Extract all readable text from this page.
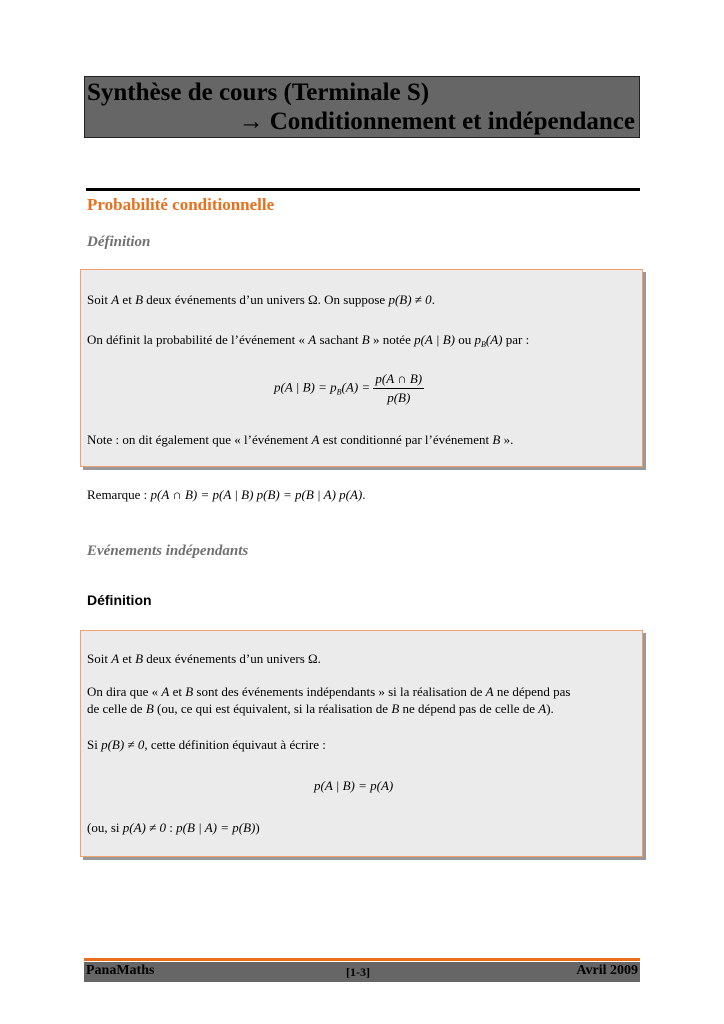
Synthèse de cours (Terminale S)
→ Conditionnement et indépendance
Probabilité conditionnelle
Définition
Soit A et B deux événements d’un univers Ω. On suppose p(B) ≠ 0.
On définit la probabilité de l’événement « A sachant B » notée p(A | B) ou $p_B(A)$ par :
p(A | $B) = p_B(A) = \frac{p(A \cap B)}{p(B)}$
Note : on dit également que « l’événement A est conditionné par l’événement B ».
Remarque : p(A ∩ B) = p(A | B) p(B) = p(B | A) p(A).
Evénements indépendants
Définition
Soit A et B deux événements d’un univers Ω.
On dira que « A et B sont des événements indépendants » si la réalisation de A ne dépend pas
de celle de B (ou, ce qui est équivalent, si la réalisation de B ne dépend pas de celle de A).
Si p(B) ≠ 0, cette définition équivaut à écrire :
p(A | B) = p(A)
(ou, si p(A) ≠ 0 : p(B | A) = p(B))
PanaMaths	[1-3]	Avril 2009
